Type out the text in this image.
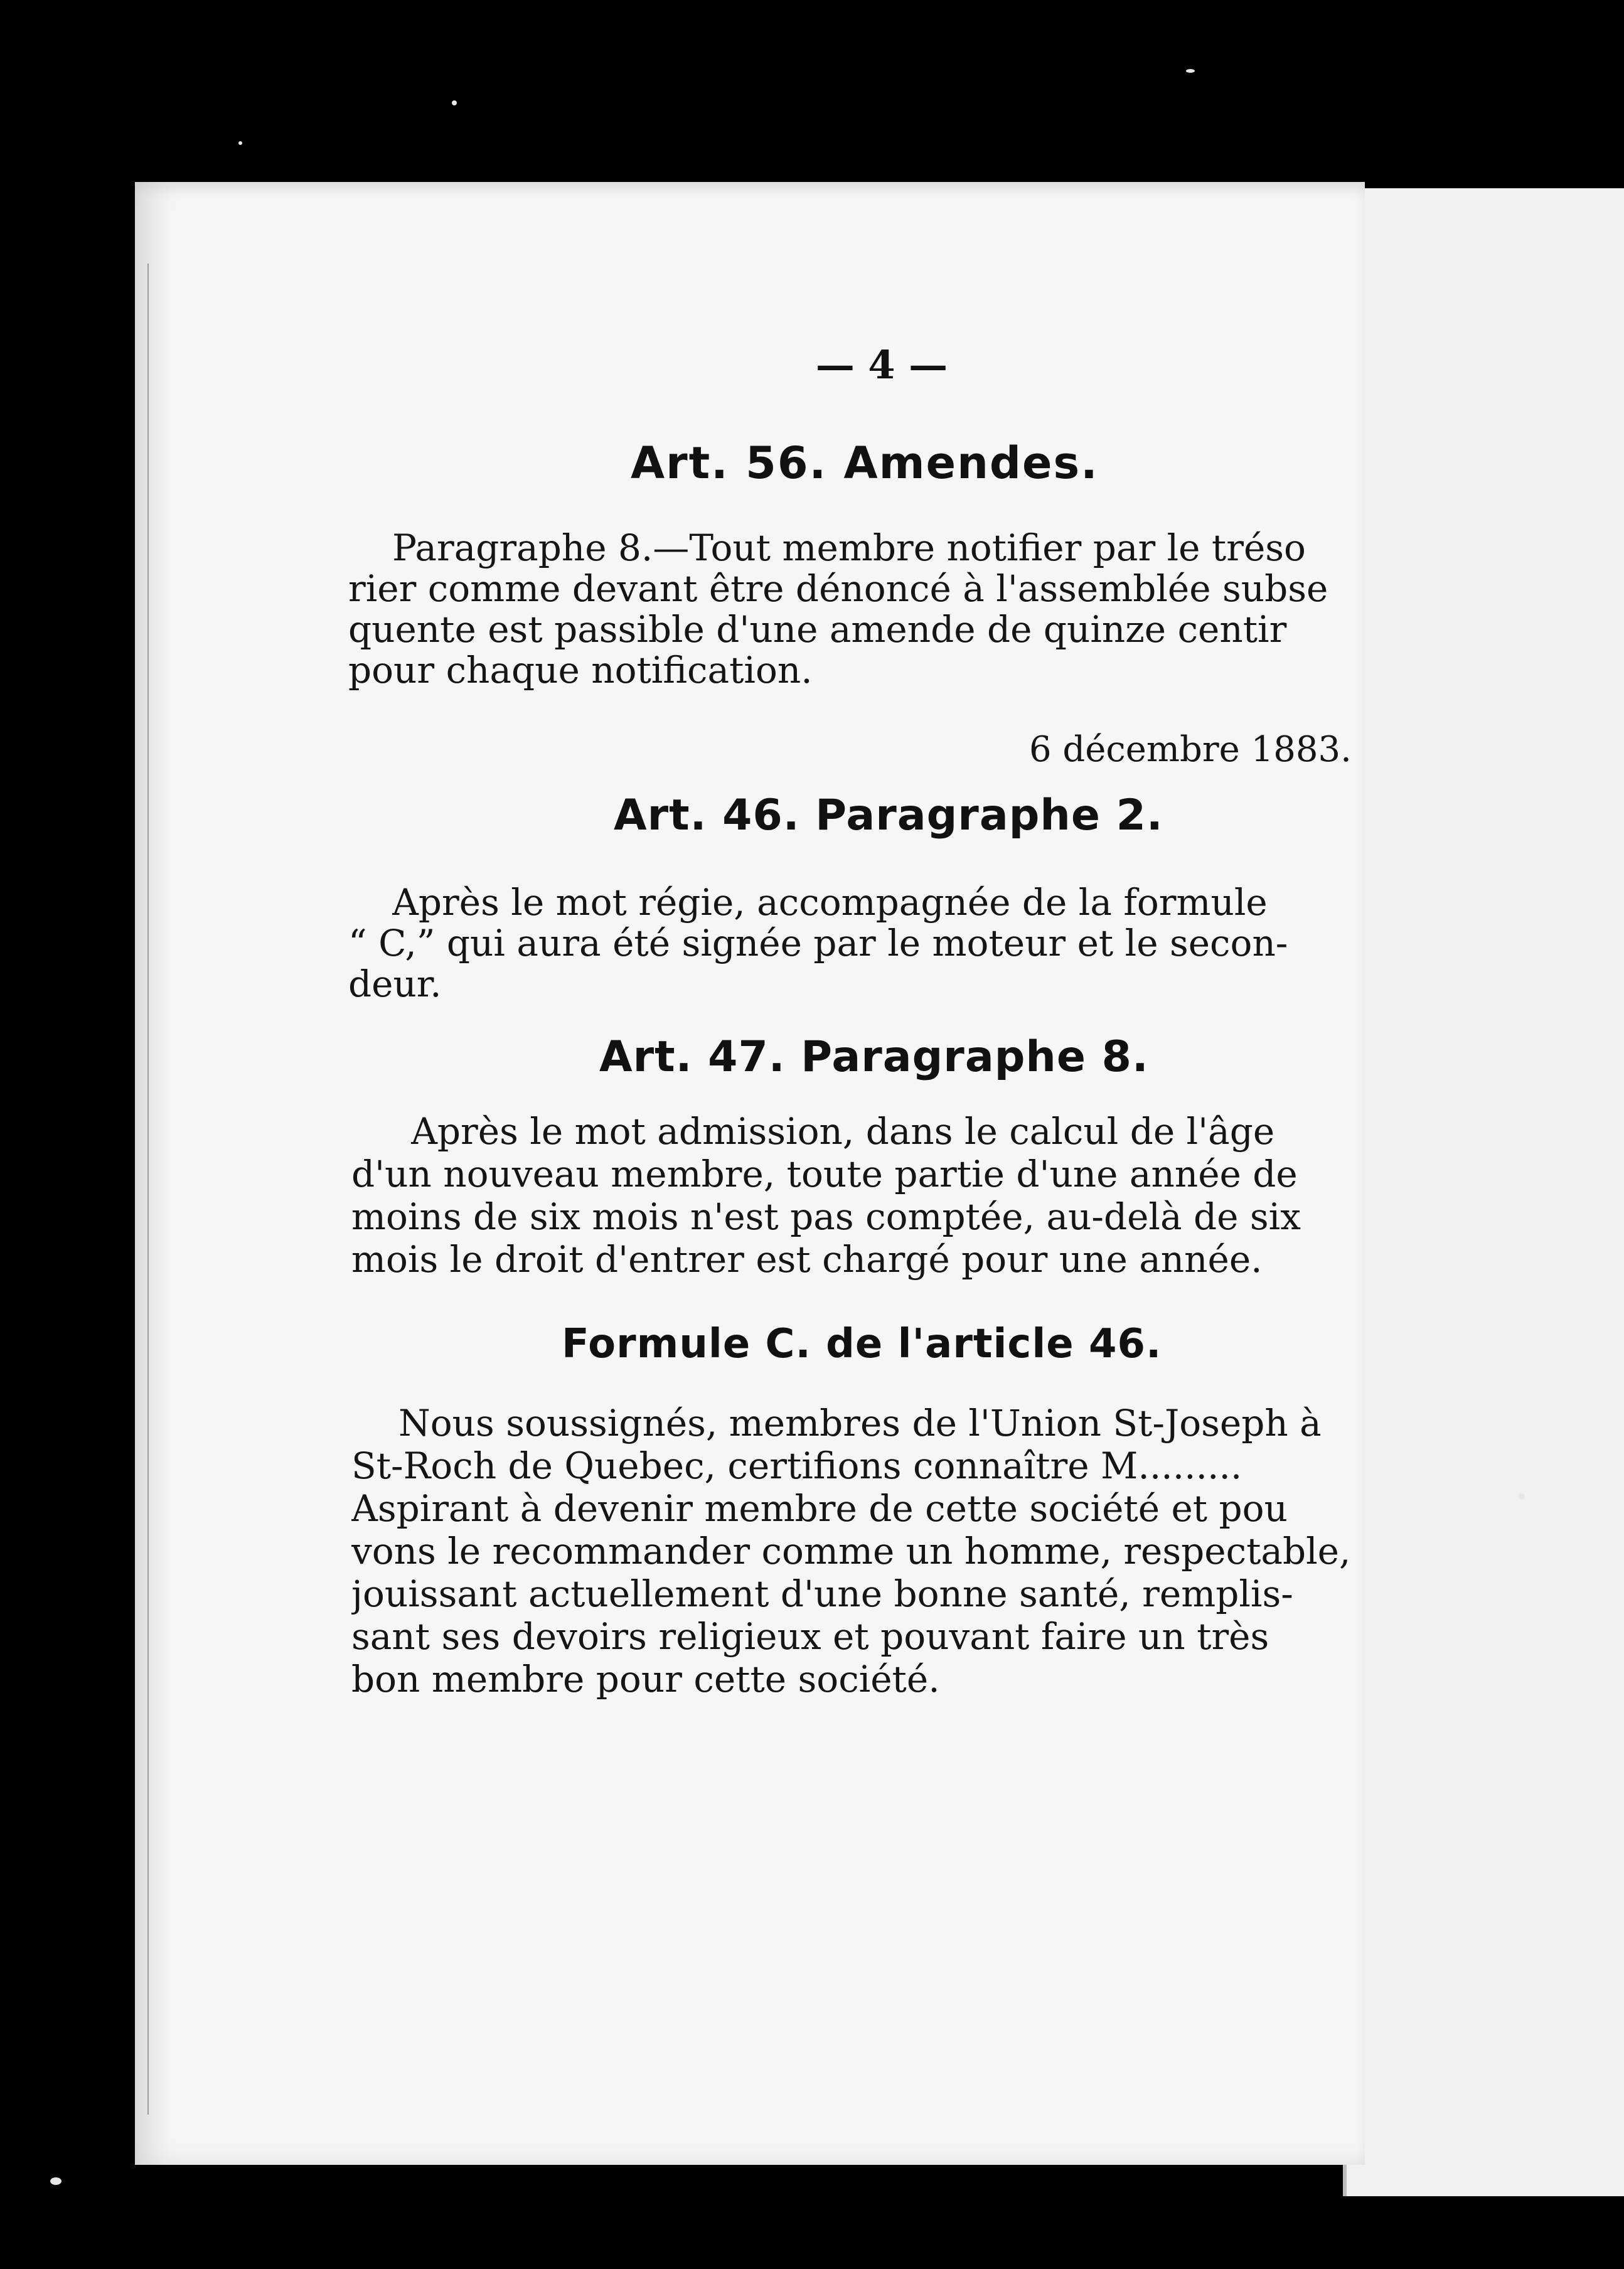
— 4 —
Art. 56. Amendes.
Paragraphe 8.—Tout membre notifier par le tréso
rier comme devant être dénoncé à l'assemblée subse
quente est passible d'une amende de quinze centir
pour chaque notification.
6 décembre 1883.
Art. 46. Paragraphe 2.
Après le mot régie, accompagnée de la formule
“ C,” qui aura été signée par le moteur et le secon-
deur.
Art. 47. Paragraphe 8.
Après le mot admission, dans le calcul de l'âge
d'un nouveau membre, toute partie d'une année de
moins de six mois n'est pas comptée, au-delà de six
mois le droit d'entrer est chargé pour une année.
Formule C. de l'article 46.
Nous soussignés, membres de l'Union St-Joseph à
St-Roch de Quebec, certifions connaître M.........
Aspirant à devenir membre de cette société et pou
vons le recommander comme un homme, respectable,
jouissant actuellement d'une bonne santé, remplis-
sant ses devoirs religieux et pouvant faire un très
bon membre pour cette société.
